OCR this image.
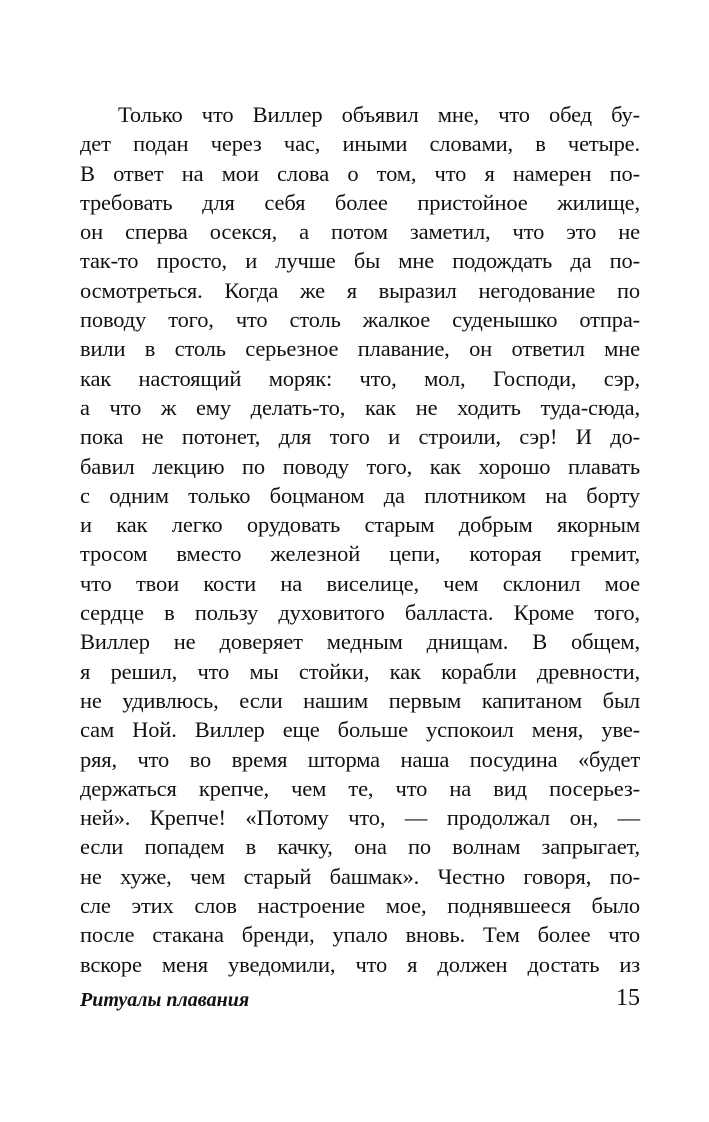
Только что Виллер объявил мне, что обед бу-
дет подан через час, иными словами, в четыре.
В ответ на мои слова о том, что я намерен по-
требовать для себя более пристойное жилище,
он сперва осекся, а потом заметил, что это не
так-то просто, и лучше бы мне подождать да по-
осмотреться. Когда же я выразил негодование по
поводу того, что столь жалкое суденышко отпра-
вили в столь серьезное плавание, он ответил мне
как настоящий моряк: что, мол, Господи, сэр,
а что ж ему делать-то, как не ходить туда-сюда,
пока не потонет, для того и строили, сэр! И до-
бавил лекцию по поводу того, как хорошо плавать
с одним только боцманом да плотником на борту
и как легко орудовать старым добрым якорным
тросом вместо железной цепи, которая гремит,
что твои кости на виселице, чем склонил мое
сердце в пользу духовитого балласта. Кроме того,
Виллер не доверяет медным днищам. В общем,
я решил, что мы стойки, как корабли древности,
не удивлюсь, если нашим первым капитаном был
сам Ной. Виллер еще больше успокоил меня, уве-
ряя, что во время шторма наша посудина «будет
держаться крепче, чем те, что на вид посерьез-
ней». Крепче! «Потому что, — продолжал он, —
если попадем в качку, она по волнам запрыгает,
не хуже, чем старый башмак». Честно говоря, по-
сле этих слов настроение мое, поднявшееся было
после стакана бренди, упало вновь. Тем более что
вскоре меня уведомили, что я должен достать из
Ритуалы плавания	15
